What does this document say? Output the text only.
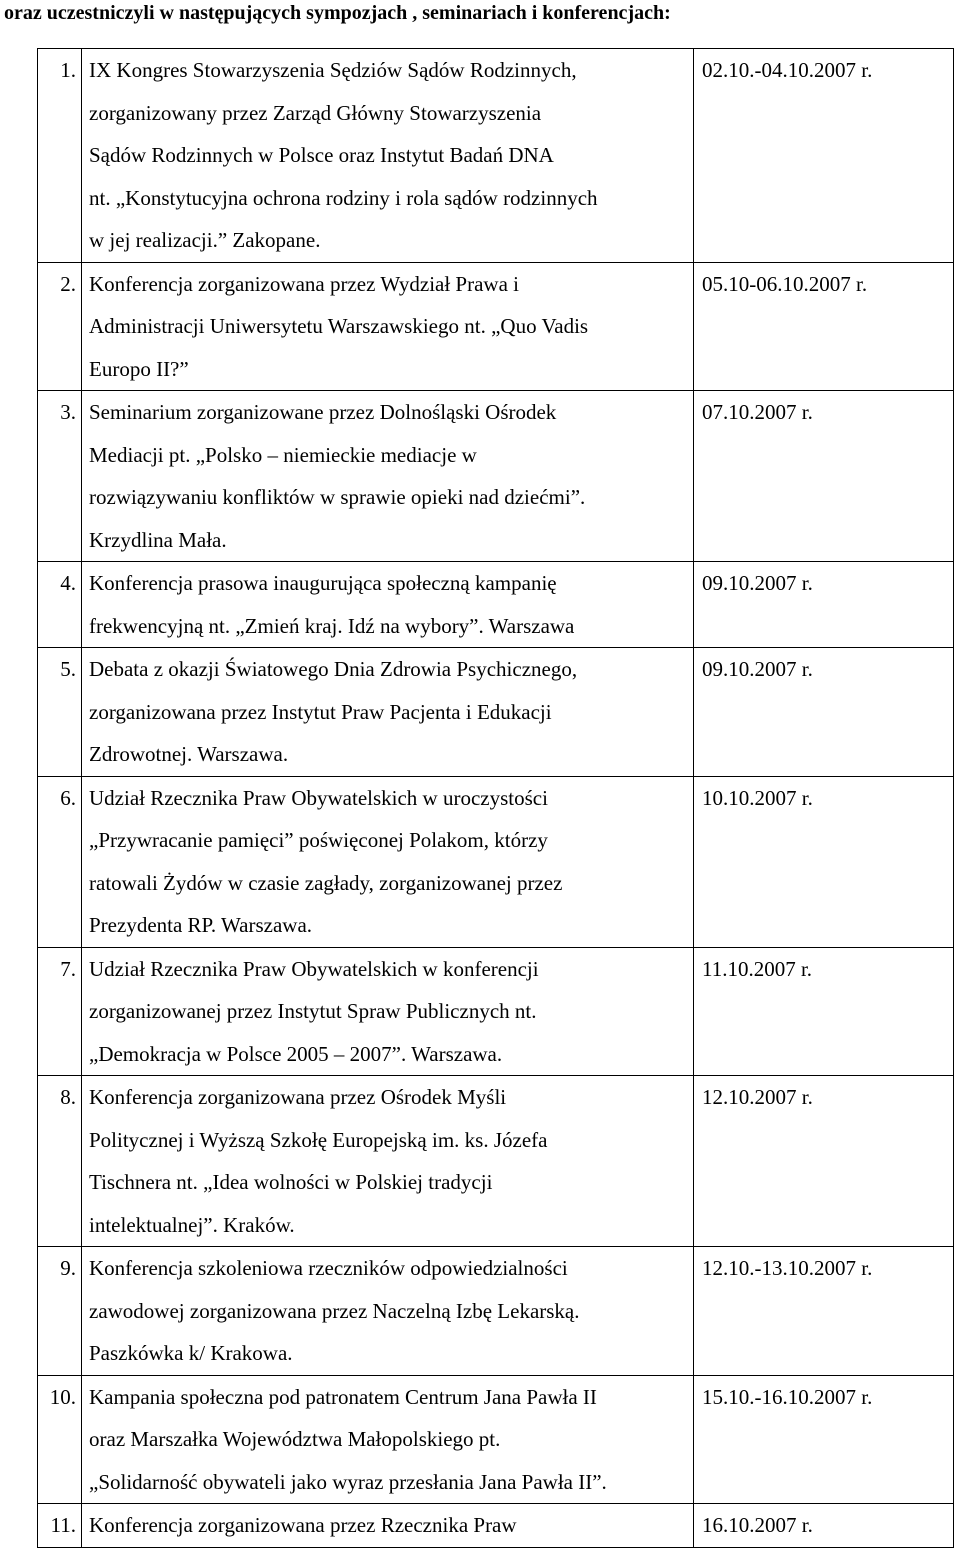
oraz uczestniczyli w następujących sympozjach , seminariach i konferencjach:
1.	IX Kongres Stowarzyszenia Sędziów Sądów Rodzinnych,
zorganizowany przez Zarząd Główny Stowarzyszenia
Sądów Rodzinnych w Polsce oraz Instytut Badań DNA
nt. „Konstytucyjna ochrona rodziny i rola sądów rodzinnych
w jej realizacji.” Zakopane.	02.10.-04.10.2007 r.
2.	Konferencja zorganizowana przez Wydział Prawa i
Administracji Uniwersytetu Warszawskiego nt. „Quo Vadis
Europo II?”	05.10-06.10.2007 r.
3.	Seminarium zorganizowane przez Dolnośląski Ośrodek
Mediacji pt. „Polsko – niemieckie mediacje w
rozwiązywaniu konfliktów w sprawie opieki nad dziećmi”.
Krzydlina Mała.	07.10.2007 r.
4.	Konferencja prasowa inaugurująca społeczną kampanię
frekwencyjną nt. „Zmień kraj. Idź na wybory”. Warszawa	09.10.2007 r.
5.	Debata z okazji Światowego Dnia Zdrowia Psychicznego,
zorganizowana przez Instytut Praw Pacjenta i Edukacji
Zdrowotnej. Warszawa.	09.10.2007 r.
6.	Udział Rzecznika Praw Obywatelskich w uroczystości
„Przywracanie pamięci” poświęconej Polakom, którzy
ratowali Żydów w czasie zagłady, zorganizowanej przez
Prezydenta RP. Warszawa.	10.10.2007 r.
7.	Udział Rzecznika Praw Obywatelskich w konferencji
zorganizowanej przez Instytut Spraw Publicznych nt.
„Demokracja w Polsce 2005 – 2007”. Warszawa.	11.10.2007 r.
8.	Konferencja zorganizowana przez Ośrodek Myśli
Politycznej i Wyższą Szkołę Europejską im. ks. Józefa
Tischnera nt. „Idea wolności w Polskiej tradycji
intelektualnej”. Kraków.	12.10.2007 r.
9.	Konferencja szkoleniowa rzeczników odpowiedzialności
zawodowej zorganizowana przez Naczelną Izbę Lekarską.
Paszkówka k/ Krakowa.	12.10.-13.10.2007 r.
10.	Kampania społeczna pod patronatem Centrum Jana Pawła II
oraz Marszałka Województwa Małopolskiego pt.
„Solidarność obywateli jako wyraz przesłania Jana Pawła II”.	15.10.-16.10.2007 r.
11.	Konferencja zorganizowana przez Rzecznika Praw	16.10.2007 r.
